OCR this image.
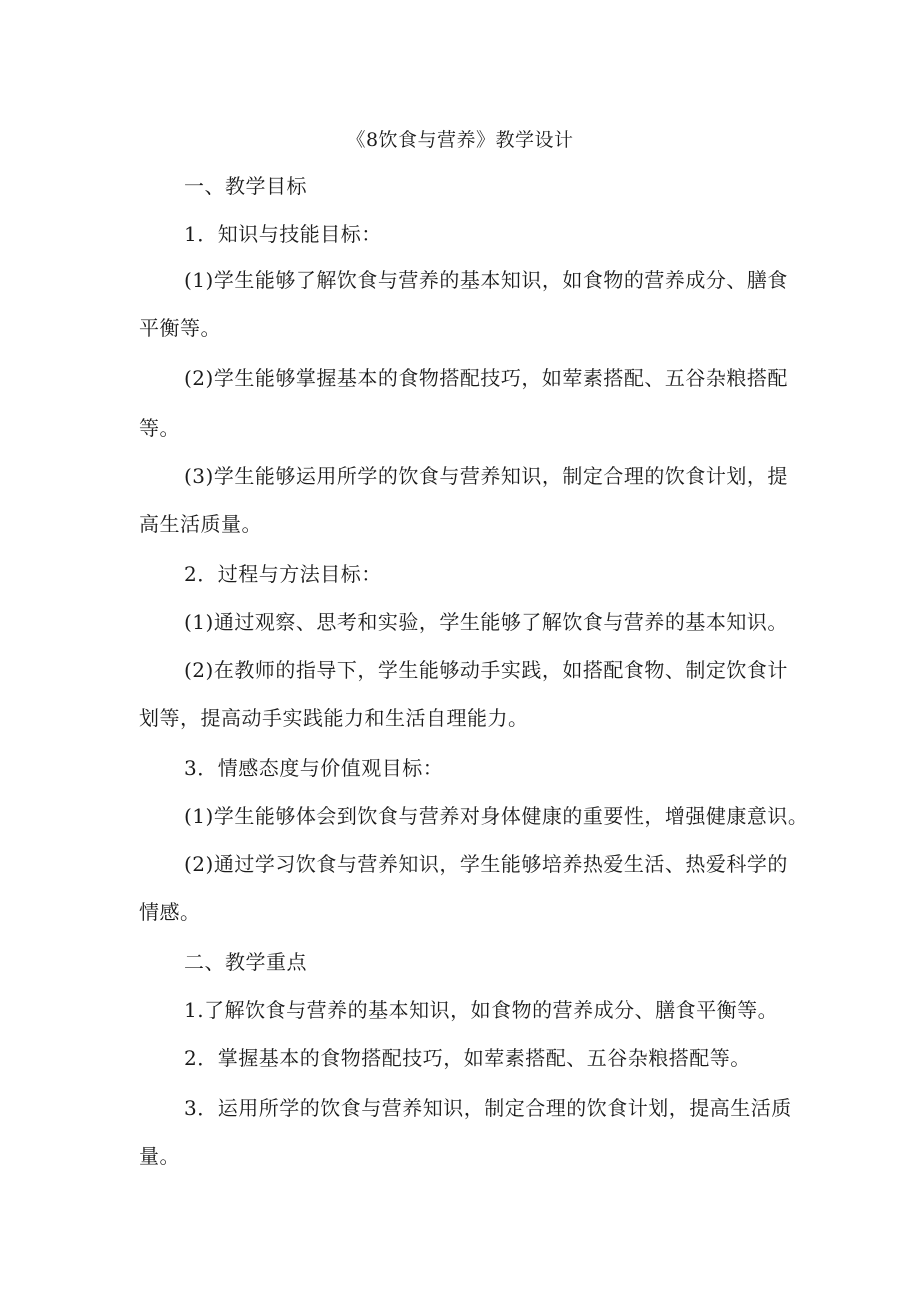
《8饮食与营养》教学设计
一、教学目标
1．知识与技能目标：
(1)学生能够了解饮食与营养的基本知识，如食物的营养成分、膳食
平衡等。
(2)学生能够掌握基本的食物搭配技巧，如荤素搭配、五谷杂粮搭配
等。
(3)学生能够运用所学的饮食与营养知识，制定合理的饮食计划，提
高生活质量。
2．过程与方法目标：
(1)通过观察、思考和实验，学生能够了解饮食与营养的基本知识。
(2)在教师的指导下，学生能够动手实践，如搭配食物、制定饮食计
划等，提高动手实践能力和生活自理能力。
3．情感态度与价值观目标：
(1)学生能够体会到饮食与营养对身体健康的重要性，增强健康意识。
(2)通过学习饮食与营养知识，学生能够培养热爱生活、热爱科学的
情感。
二、教学重点
1.了解饮食与营养的基本知识，如食物的营养成分、膳食平衡等。
2．掌握基本的食物搭配技巧，如荤素搭配、五谷杂粮搭配等。
3．运用所学的饮食与营养知识，制定合理的饮食计划，提高生活质
量。
